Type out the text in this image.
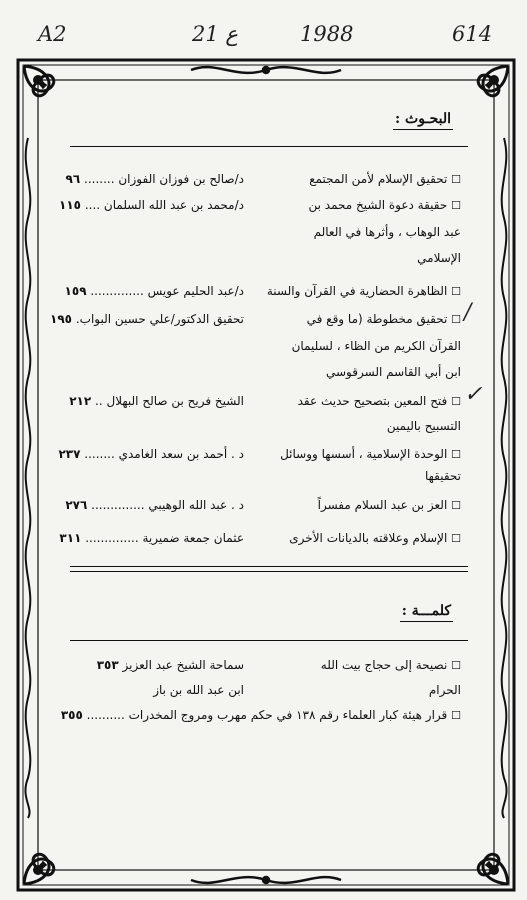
A2	21 ع	1988	614
البحـوث :
☐ تحقيق الإسلام لأمن المجتمع
د/صالح بن فوزان الفوزان ........ ٩٦
☐ حقيقة دعوة الشيخ محمد بن
د/محمد بن عبد الله السلمان .... ١١٥
عبد الوهاب ، وأثرها في العالم
الإسلامي
☐ الظاهرة الحضارية في القرآن والسنة
د/عبد الحليم عويس .............. ١٥٩
☐ تحقيق مخطوطة (ما وقع في
تحقيق الدكتور/علي حسين البواب. ١٩٥
القرآن الكريم من الظاء ، لسليمان
ابن أبي القاسم السرقوسي
/
☐ فتح المعين بتصحيح حديث عقد
الشيخ فريح بن صالح البهلال .. ٢١٢
التسبيح باليمين
✓
☐ الوحدة الإسلامية ، أسسها ووسائل
د . أحمد بن سعد الغامدي ........ ٢٣٧
تحقيقها
☐ العز بن عبد السلام مفسراً
د . عبد الله الوهيبي .............. ٢٧٦
☐ الإسلام وعلاقته بالديانات الأخرى
عثمان جمعة ضميرية .............. ٣١١
كلمـــة :
☐ نصيحة إلى حجاج بيت الله
سماحة الشيخ عبد العزيز ٣٥٣
الحرام
ابن عبد الله بن باز
☐ قرار هيئة كبار العلماء رقم ١٣٨ في حكم مهرب ومروج المخدرات .......... ٣٥٥
